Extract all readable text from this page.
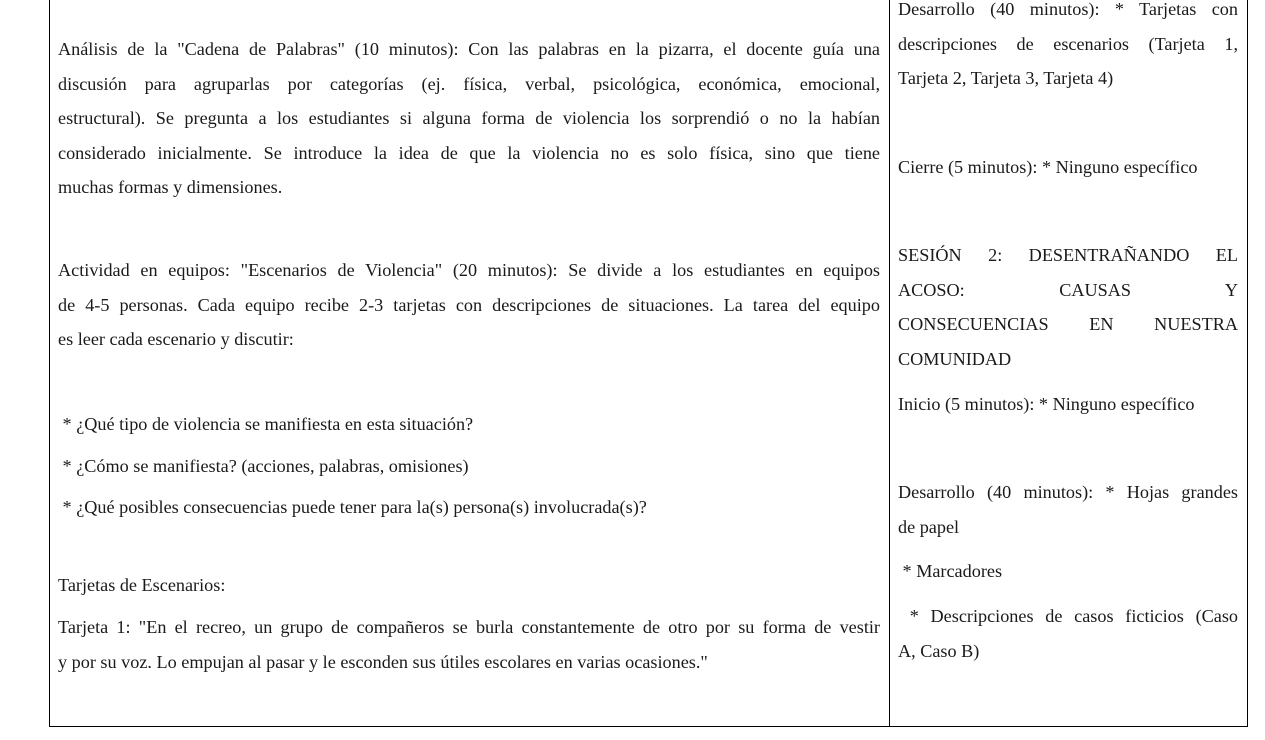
Análisis de la "Cadena de Palabras" (10 minutos): Con las palabras en la pizarra, el docente guía una
discusión para agruparlas por categorías (ej. física, verbal, psicológica, económica, emocional,
estructural). Se pregunta a los estudiantes si alguna forma de violencia los sorprendió o no la habían
considerado inicialmente. Se introduce la idea de que la violencia no es solo física, sino que tiene
muchas formas y dimensiones.
Actividad en equipos: "Escenarios de Violencia" (20 minutos): Se divide a los estudiantes en equipos
de 4-5 personas. Cada equipo recibe 2-3 tarjetas con descripciones de situaciones. La tarea del equipo
es leer cada escenario y discutir:
* ¿Qué tipo de violencia se manifiesta en esta situación?
* ¿Cómo se manifiesta? (acciones, palabras, omisiones)
* ¿Qué posibles consecuencias puede tener para la(s) persona(s) involucrada(s)?
Tarjetas de Escenarios:
Tarjeta 1: "En el recreo, un grupo de compañeros se burla constantemente de otro por su forma de vestir
y por su voz. Lo empujan al pasar y le esconden sus útiles escolares en varias ocasiones."
Desarrollo (40 minutos): * Tarjetas con
descripciones de escenarios (Tarjeta 1,
Tarjeta 2, Tarjeta 3, Tarjeta 4)
Cierre (5 minutos): * Ninguno específico
SESIÓN 2: DESENTRAÑANDO EL
ACOSO: CAUSAS Y
CONSECUENCIAS EN NUESTRA
COMUNIDAD
Inicio (5 minutos): * Ninguno específico
Desarrollo (40 minutos): * Hojas grandes
de papel
* Marcadores
* Descripciones de casos ficticios (Caso
A, Caso B)
